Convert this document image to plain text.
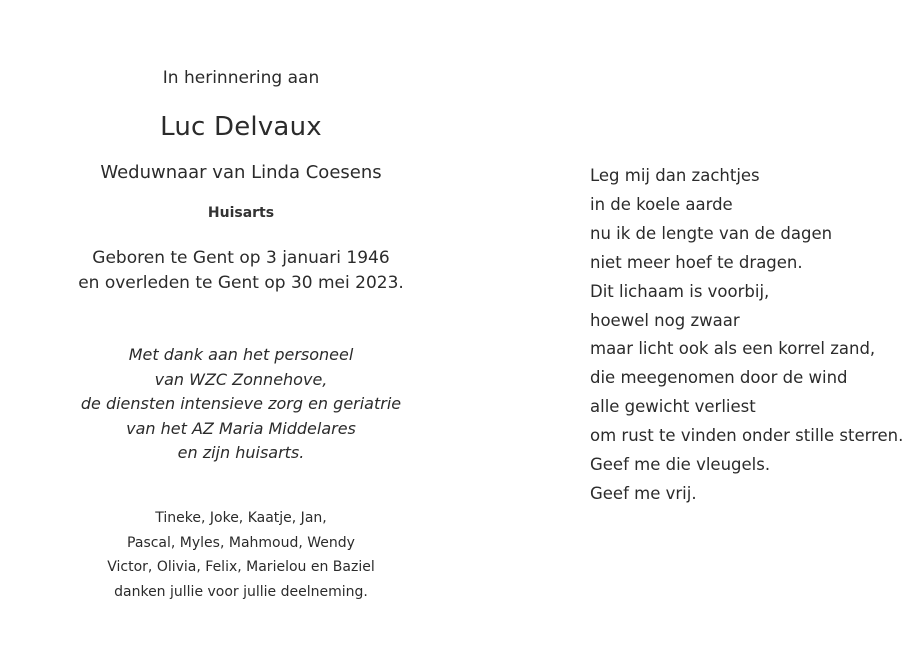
In herinnering aan
Luc Delvaux
Weduwnaar van Linda Coesens
Huisarts
Geboren te Gent op 3 januari 1946
en overleden te Gent op 30 mei 2023.
Met dank aan het personeel
van WZC Zonnehove,
de diensten intensieve zorg en geriatrie
van het AZ Maria Middelares
en zijn huisarts.
Tineke, Joke, Kaatje, Jan,
Pascal, Myles, Mahmoud, Wendy
Victor, Olivia, Felix, Marielou en Baziel
danken jullie voor jullie deelneming.
Leg mij dan zachtjes
in de koele aarde
nu ik de lengte van de dagen
niet meer hoef te dragen.
Dit lichaam is voorbij,
hoewel nog zwaar
maar licht ook als een korrel zand,
die meegenomen door de wind
alle gewicht verliest
om rust te vinden onder stille sterren.
Geef me die vleugels.
Geef me vrij.
